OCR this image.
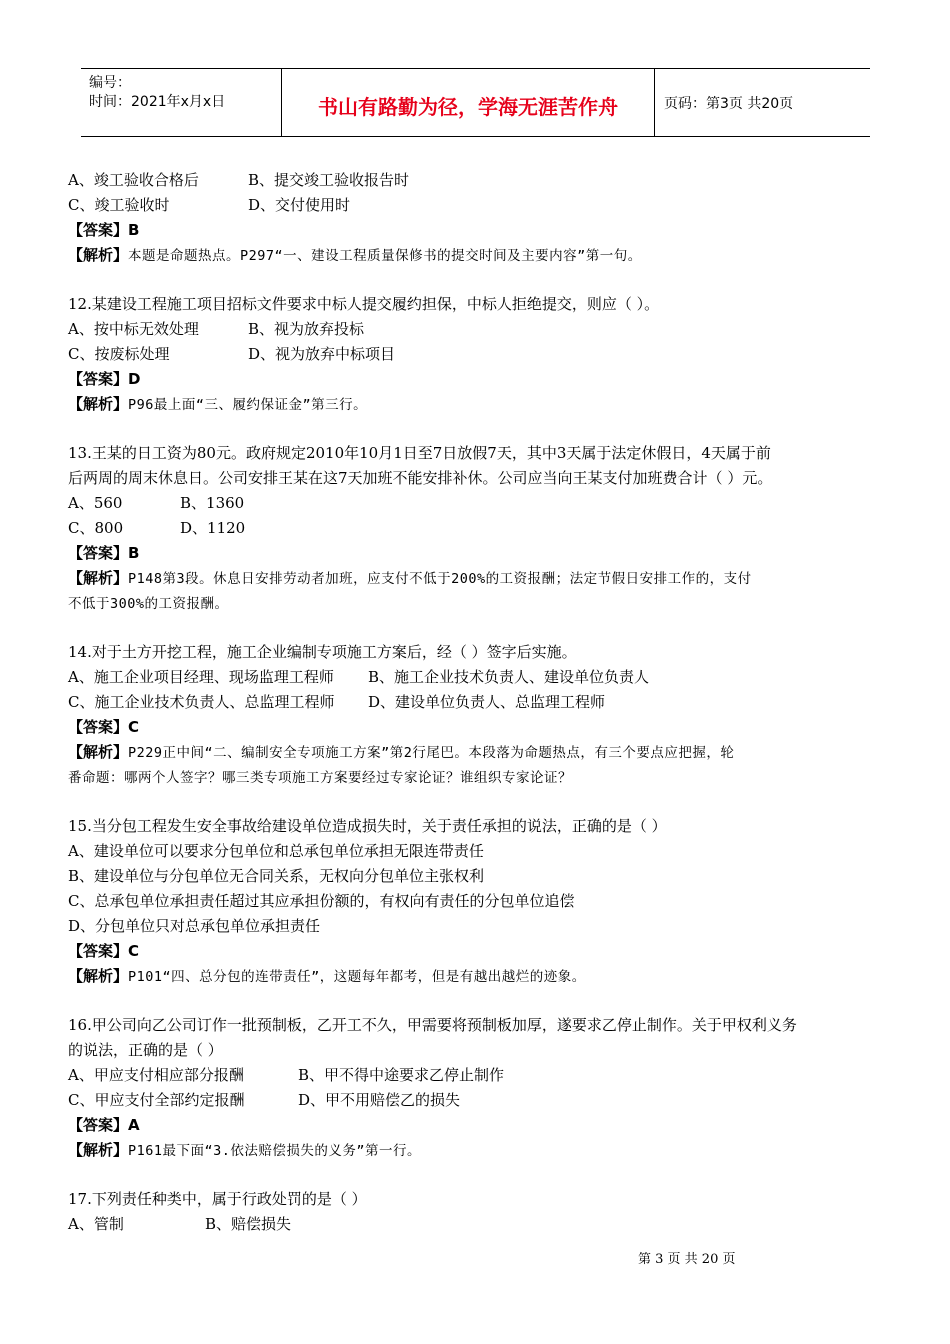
编号：
时间：2021年x月x日	书山有路勤为径，学海无涯苦作舟	页码：第3页 共20页
A、竣工验收合格后	B、提交竣工验收报告时
C、竣工验收时	D、交付使用时
【答案】B
【解析】本题是命题热点。P297“一、建设工程质量保修书的提交时间及主要内容”第一句。
12.某建设工程施工项目招标文件要求中标人提交履约担保，中标人拒绝提交，则应（ ）。
A、按中标无效处理	B、视为放弃投标
C、按废标处理	D、视为放弃中标项目
【答案】D
【解析】P96最上面“三、履约保证金”第三行。
13.王某的日工资为80元。政府规定2010年10月1日至7日放假7天，其中3天属于法定休假日，4天属于前
后两周的周末休息日。公司安排王某在这7天加班不能安排补休。公司应当向王某支付加班费合计（ ）元。
A、560	B、1360
C、800	D、1120
【答案】B
【解析】P148第3段。休息日安排劳动者加班，应支付不低于200%的工资报酬；法定节假日安排工作的，支付
不低于300%的工资报酬。
14.对于土方开挖工程，施工企业编制专项施工方案后，经（ ）签字后实施。
A、施工企业项目经理、现场监理工程师 B、施工企业技术负责人、建设单位负责人
C、施工企业技术负责人、总监理工程师 D、建设单位负责人、总监理工程师
【答案】C
【解析】P229正中间“二、编制安全专项施工方案”第2行尾巴。本段落为命题热点，有三个要点应把握，轮
番命题：哪两个人签字？哪三类专项施工方案要经过专家论证？谁组织专家论证？
15.当分包工程发生安全事故给建设单位造成损失时，关于责任承担的说法，正确的是（ ）
A、建设单位可以要求分包单位和总承包单位承担无限连带责任
B、建设单位与分包单位无合同关系，无权向分包单位主张权利
C、总承包单位承担责任超过其应承担份额的，有权向有责任的分包单位追偿
D、分包单位只对总承包单位承担责任
【答案】C
【解析】P101“四、总分包的连带责任”，这题每年都考，但是有越出越烂的迹象。
16.甲公司向乙公司订作一批预制板，乙开工不久，甲需要将预制板加厚，遂要求乙停止制作。关于甲权利义务
的说法，正确的是（ ）
A、甲应支付相应部分报酬	B、甲不得中途要求乙停止制作
C、甲应支付全部约定报酬	D、甲不用赔偿乙的损失
【答案】A
【解析】P161最下面“3.依法赔偿损失的义务”第一行。
17.下列责任种类中，属于行政处罚的是（ ）
A、管制	B、赔偿损失
第 3 页 共 20 页
